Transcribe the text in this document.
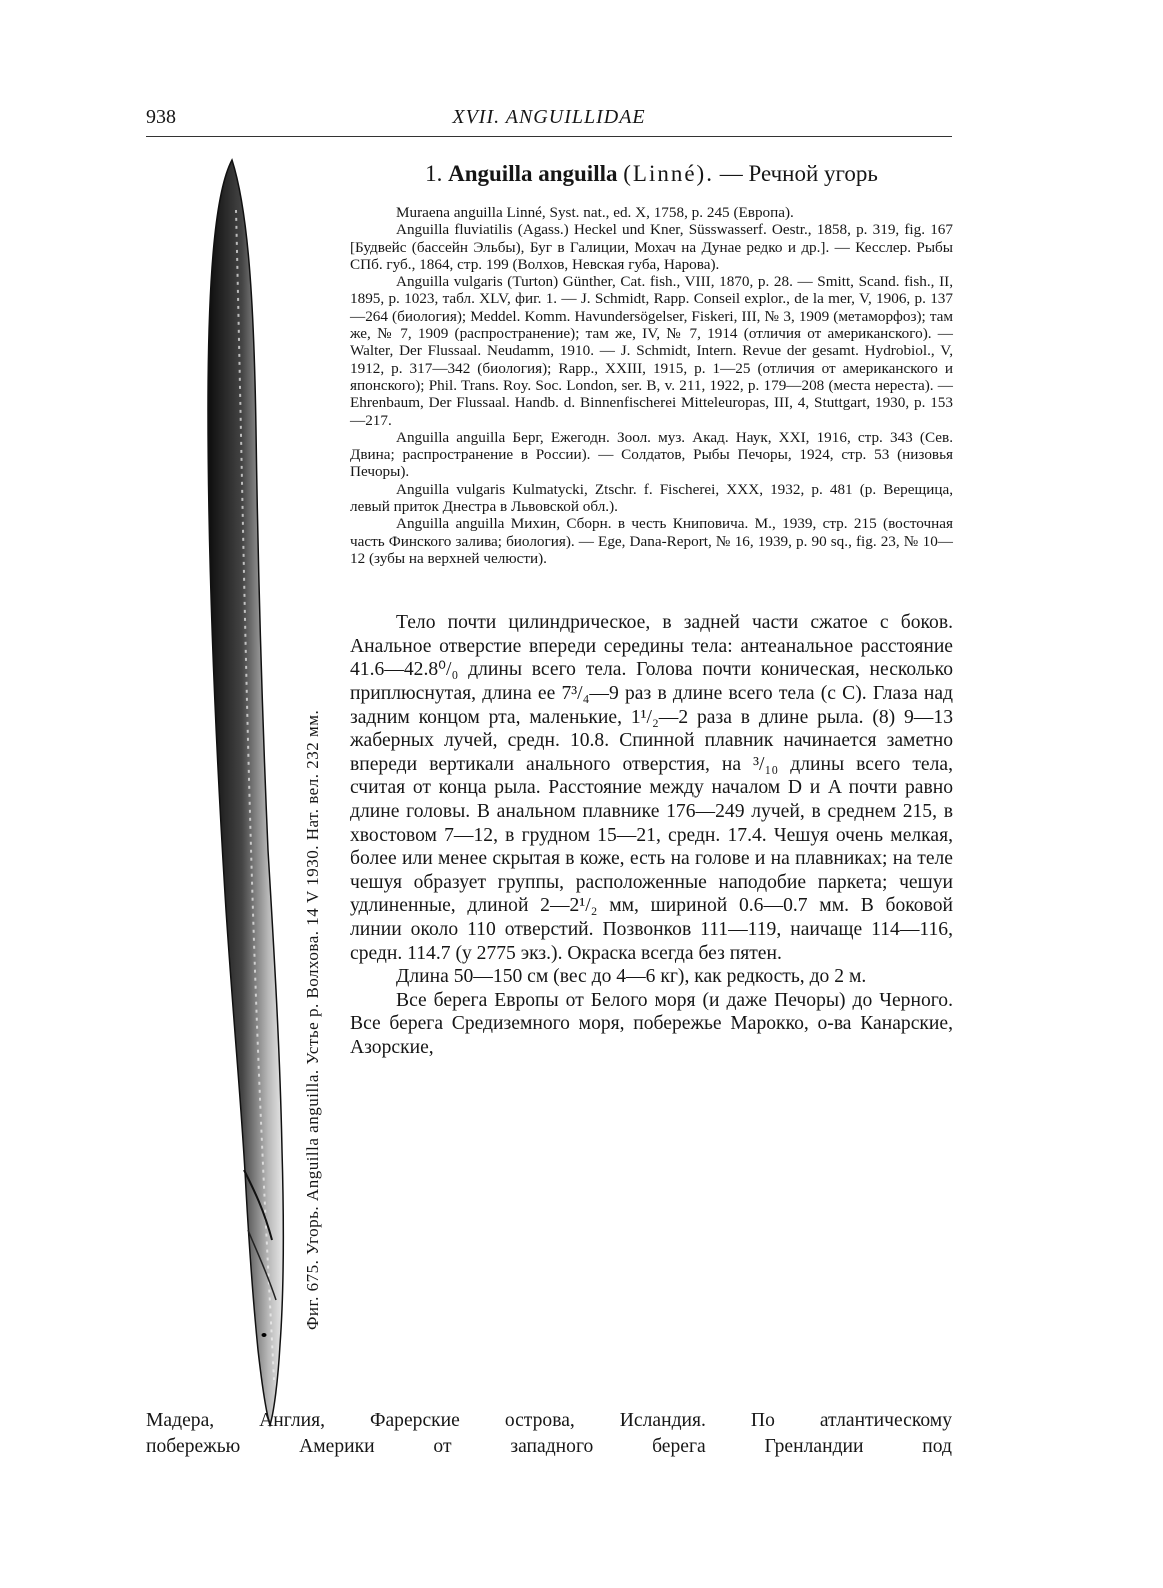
938	XVII. ANGUILLIDAE
Фиг. 675. Угорь. Anguilla anguilla. Устье р. Волхова. 14 V 1930. Нат. вел. 232 мм.
1. Anguilla anguilla (Linné). — Речной угорь

Muraena anguilla Linné, Syst. nat., ed. X, 1758, p. 245 (Европа).

Anguilla fluviatilis (Agass.) Heckel und Kner, Süsswasserf. Oestr., 1858, p. 319, fig. 167 [Будвейс (бассейн Эльбы), Буг в Галиции, Мохач на Дунае редко и др.]. — Кесслер. Рыбы СПб. губ., 1864, стр. 199 (Волхов, Невская губа, Нарова).

Anguilla vulgaris (Turton) Günther, Cat. fish., VIII, 1870, p. 28. — Smitt, Scand. fish., II, 1895, p. 1023, табл. XLV, фиг. 1. — J. Schmidt, Rapp. Conseil explor., de la mer, V, 1906, p. 137—264 (биология); Meddel. Komm. Havundersögelser, Fiskeri, III, № 3, 1909 (метаморфоз); там же, № 7, 1909 (распространение); там же, IV, № 7, 1914 (отличия от американского). — Walter, Der Flussaal. Neudamm, 1910. — J. Schmidt, Intern. Revue der gesamt. Hydrobiol., V, 1912, p. 317—342 (биология); Rapp., XXIII, 1915, p. 1—25 (отличия от американского и японского); Phil. Trans. Roy. Soc. London, ser. B, v. 211, 1922, p. 179—208 (места нереста). — Ehrenbaum, Der Flussaal. Handb. d. Binnenfischerei Mitteleuropas, III, 4, Stuttgart, 1930, p. 153—217.

Anguilla anguilla Берг, Ежегодн. Зоол. муз. Акад. Наук, XXI, 1916, стр. 343 (Сев. Двина; распространение в России). — Солдатов, Рыбы Печоры, 1924, стр. 53 (низовья Печоры).

Anguilla vulgaris Kulmatycki, Ztschr. f. Fischerei, XXX, 1932, p. 481 (р. Верещица, левый приток Днестра в Львовской обл.).

Anguilla anguilla Михин, Сборн. в честь Книповича. М., 1939, стр. 215 (восточная часть Финского залива; биология). — Ege, Dana-Report, № 16, 1939, p. 90 sq., fig. 23, № 10—12 (зубы на верхней челюсти).

Тело почти цилиндрическое, в задней части сжатое с боков. Анальное отверстие впереди середины тела: антеанальное расстояние 41.6—42.8⁰/₀ длины всего тела. Голова почти коническая, несколько приплюснутая, длина ее 7³/₄—9 раз в длине всего тела (с C). Глаза над задним концом рта, маленькие, 1¹/₂—2 раза в длине рыла. (8) 9—13 жаберных лучей, средн. 10.8. Спинной плавник начинается заметно впереди вертикали анального отверстия, на ³/₁₀ длины всего тела, считая от конца рыла. Расстояние между началом D и A почти равно длине головы. В анальном плавнике 176—249 лучей, в среднем 215, в хвостовом 7—12, в грудном 15—21, средн. 17.4. Чешуя очень мелкая, более или менее скрытая в коже, есть на голове и на плавниках; на теле чешуя образует группы, расположенные наподобие паркета; чешуи удлиненные, длиной 2—2¹/₂ мм, шириной 0.6—0.7 мм. В боковой линии около 110 отверстий. Позвонков 111—119, наичаще 114—116, средн. 114.7 (у 2775 экз.). Окраска всегда без пятен.

Длина 50—150 см (вес до 4—6 кг), как редкость, до 2 м.

Все берега Европы от Белого моря (и даже Печоры) до Черного. Все берега Средиземного моря, побережье Марокко, о-ва Канарские, Азорские,

Мадера, Англия, Фарерские острова, Исландия. По атлантическому
побережью Америки от западного берега Гренландии под
